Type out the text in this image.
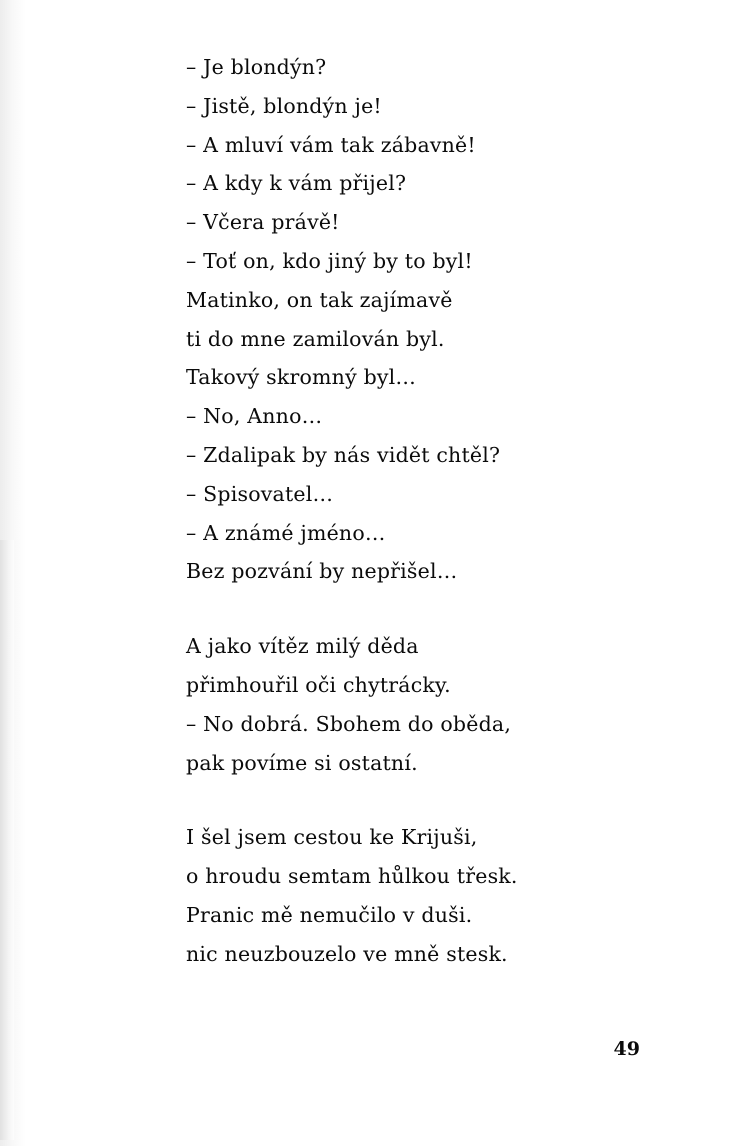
– Je blondýn?
– Jistě, blondýn je!
– A mluví vám tak zábavně!
– A kdy k vám přijel?
– Včera právě!
– Toť on, kdo jiný by to byl!
Matinko, on tak zajímavě
ti do mne zamilován byl.
Takový skromný byl…
– No, Anno…
– Zdalipak by nás vidět chtěl?
– Spisovatel…
– A známé jméno…
Bez pozvání by nepřišel…
A jako vítěz milý děda
přimhouřil oči chytrácky.
– No dobrá. Sbohem do oběda,
pak povíme si ostatní.
I šel jsem cestou ke Krijuši,
o hroudu semtam hůlkou třesk.
Pranic mě nemučilo v duši.
nic neuzbouzelo ve mně stesk.
49
